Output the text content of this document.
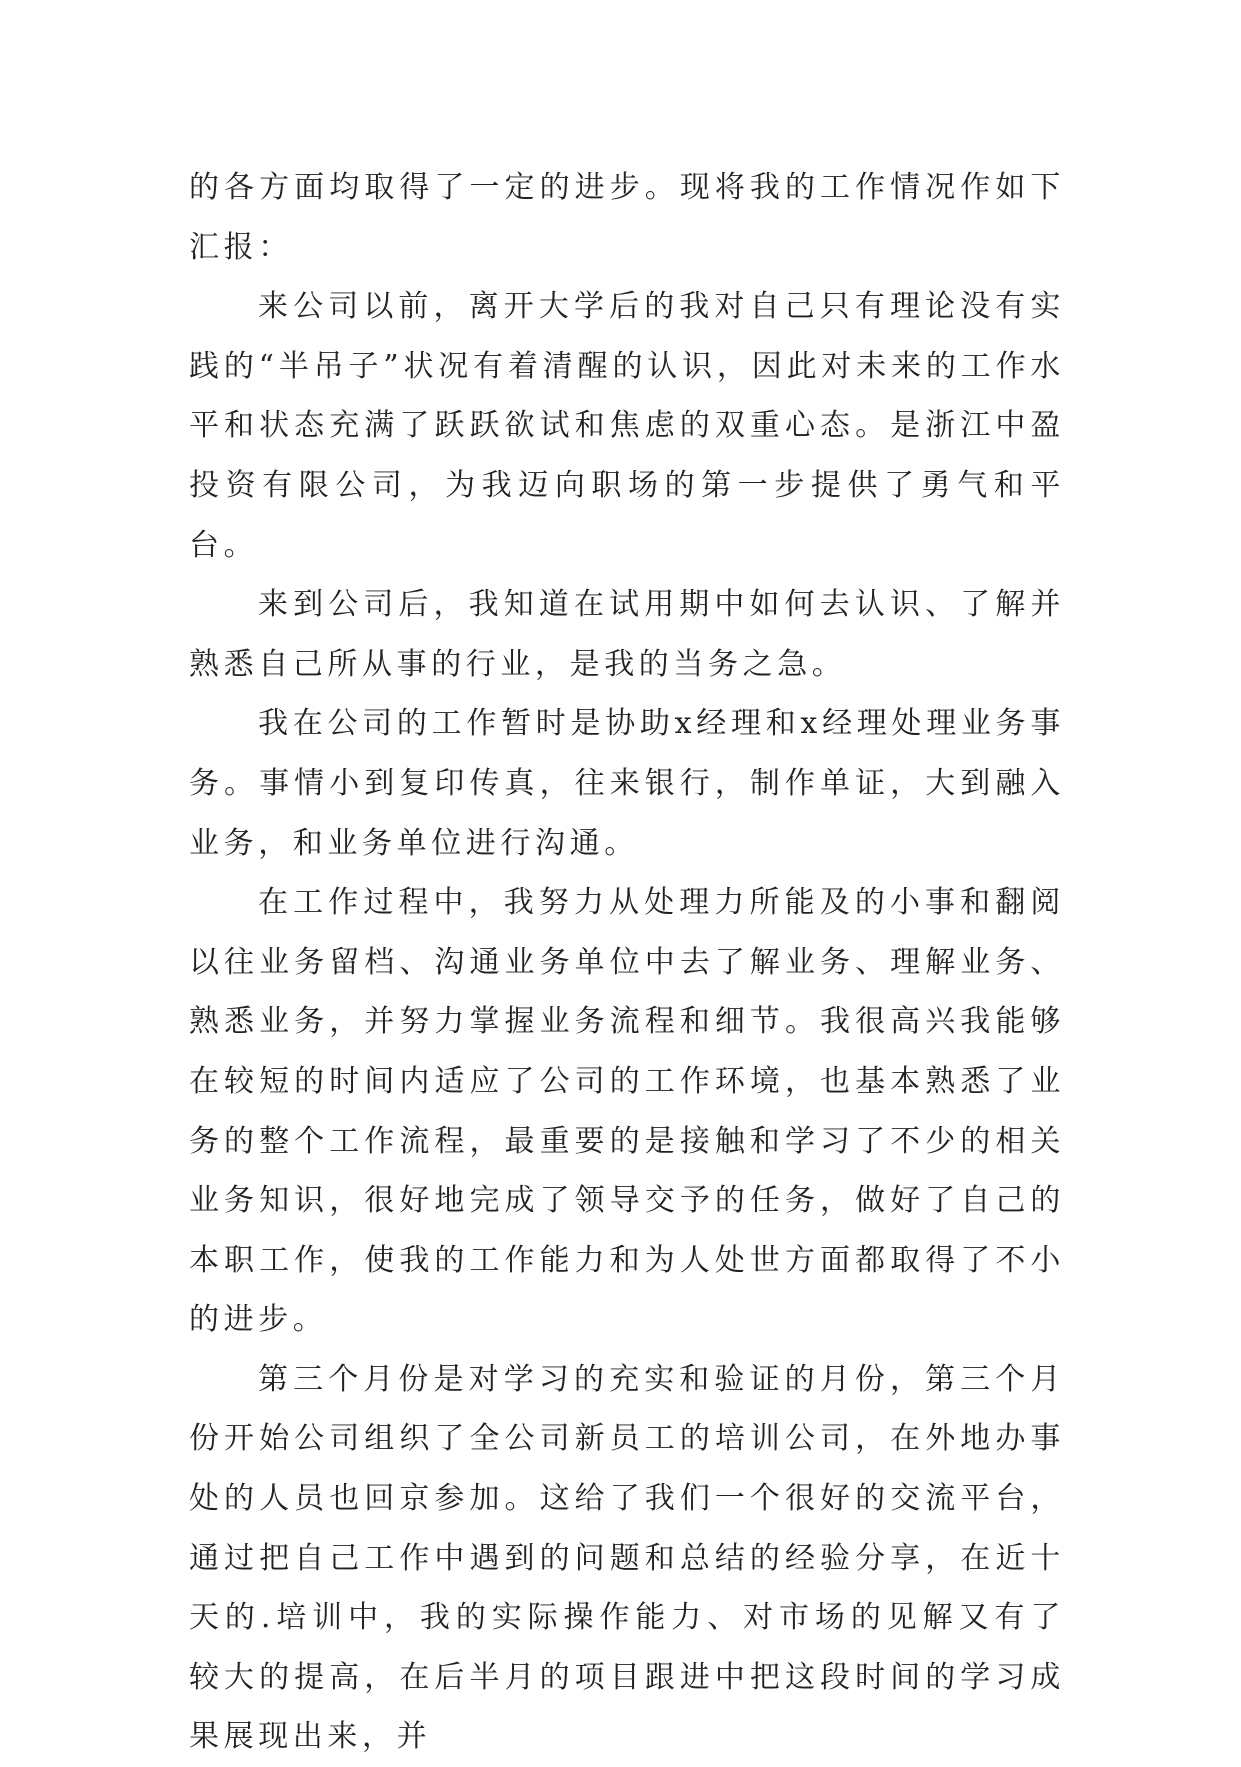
的各方面均取得了一定的进步。现将我的工作情况作如下汇报：

来公司以前，离开大学后的我对自己只有理论没有实践的“半吊子”状况有着清醒的认识，因此对未来的工作水平和状态充满了跃跃欲试和焦虑的双重心态。是浙江中盈投资有限公司，为我迈向职场的第一步提供了勇气和平台。

来到公司后，我知道在试用期中如何去认识、了解并熟悉自己所从事的行业，是我的当务之急。

我在公司的工作暂时是协助x经理和x经理处理业务事务。事情小到复印传真，往来银行，制作单证，大到融入业务，和业务单位进行沟通。

在工作过程中，我努力从处理力所能及的小事和翻阅以往业务留档、沟通业务单位中去了解业务、理解业务、熟悉业务，并努力掌握业务流程和细节。我很高兴我能够在较短的时间内适应了公司的工作环境，也基本熟悉了业务的整个工作流程，最重要的是接触和学习了不少的相关业务知识，很好地完成了领导交予的任务，做好了自己的本职工作，使我的工作能力和为人处世方面都取得了不小的进步。

第三个月份是对学习的充实和验证的月份，第三个月份开始公司组织了全公司新员工的培训公司，在外地办事处的人员也回京参加。这给了我们一个很好的交流平台，通过把自己工作中遇到的问题和总结的经验分享，在近十天的.培训中，我的实际操作能力、对市场的见解又有了较大的提高，在后半月的项目跟进中把这段时间的学习成果展现出来，并
